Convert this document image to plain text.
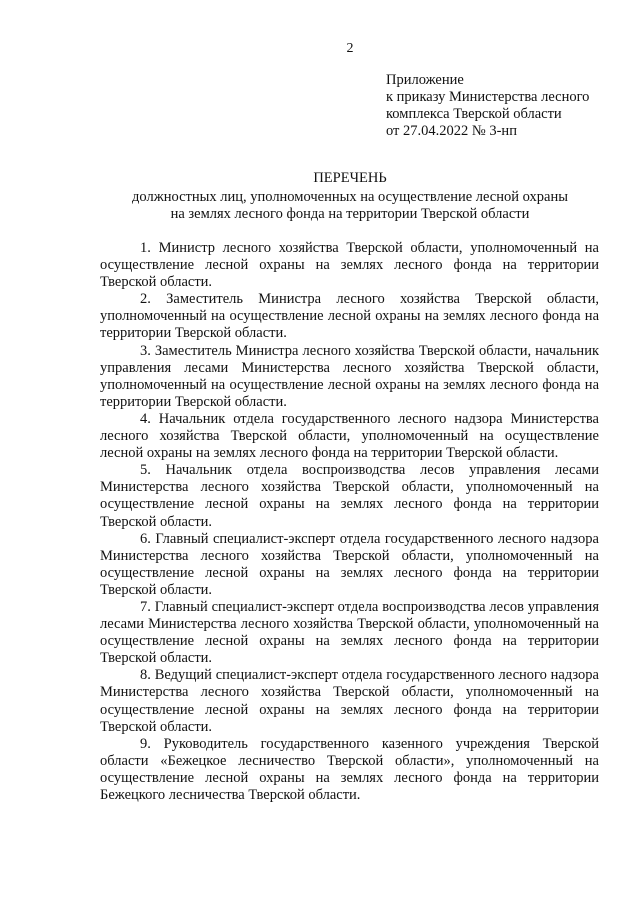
2
Приложение
к приказу Министерства лесного
комплекса Тверской области
от 27.04.2022 № 3-нп
ПЕРЕЧЕНЬ
должностных лиц, уполномоченных на осуществление лесной охраны
на землях лесного фонда на территории Тверской области

1. Министр лесного хозяйства Тверской области, уполномоченный на осуществление лесной охраны на землях лесного фонда на территории Тверской области.

2. Заместитель Министра лесного хозяйства Тверской области, уполномоченный на осуществление лесной охраны на землях лесного фонда на территории Тверской области.

3. Заместитель Министра лесного хозяйства Тверской области, начальник управления лесами Министерства лесного хозяйства Тверской области, уполномоченный на осуществление лесной охраны на землях лесного фонда на территории Тверской области.

4. Начальник отдела государственного лесного надзора Министерства лесного хозяйства Тверской области, уполномоченный на осуществление лесной охраны на землях лесного фонда на территории Тверской области.

5. Начальник отдела воспроизводства лесов управления лесами Министерства лесного хозяйства Тверской области, уполномоченный на осуществление лесной охраны на землях лесного фонда на территории Тверской области.

6. Главный специалист-эксперт отдела государственного лесного надзора Министерства лесного хозяйства Тверской области, уполномоченный на осуществление лесной охраны на землях лесного фонда на территории Тверской области.

7. Главный специалист-эксперт отдела воспроизводства лесов управления лесами Министерства лесного хозяйства Тверской области, уполномоченный на осуществление лесной охраны на землях лесного фонда на территории Тверской области.

8. Ведущий специалист-эксперт отдела государственного лесного надзора Министерства лесного хозяйства Тверской области, уполномоченный на осуществление лесной охраны на землях лесного фонда на территории Тверской области.

9. Руководитель государственного казенного учреждения Тверской области «Бежецкое лесничество Тверской области», уполномоченный на осуществление лесной охраны на землях лесного фонда на территории Бежецкого лесничества Тверской области.
